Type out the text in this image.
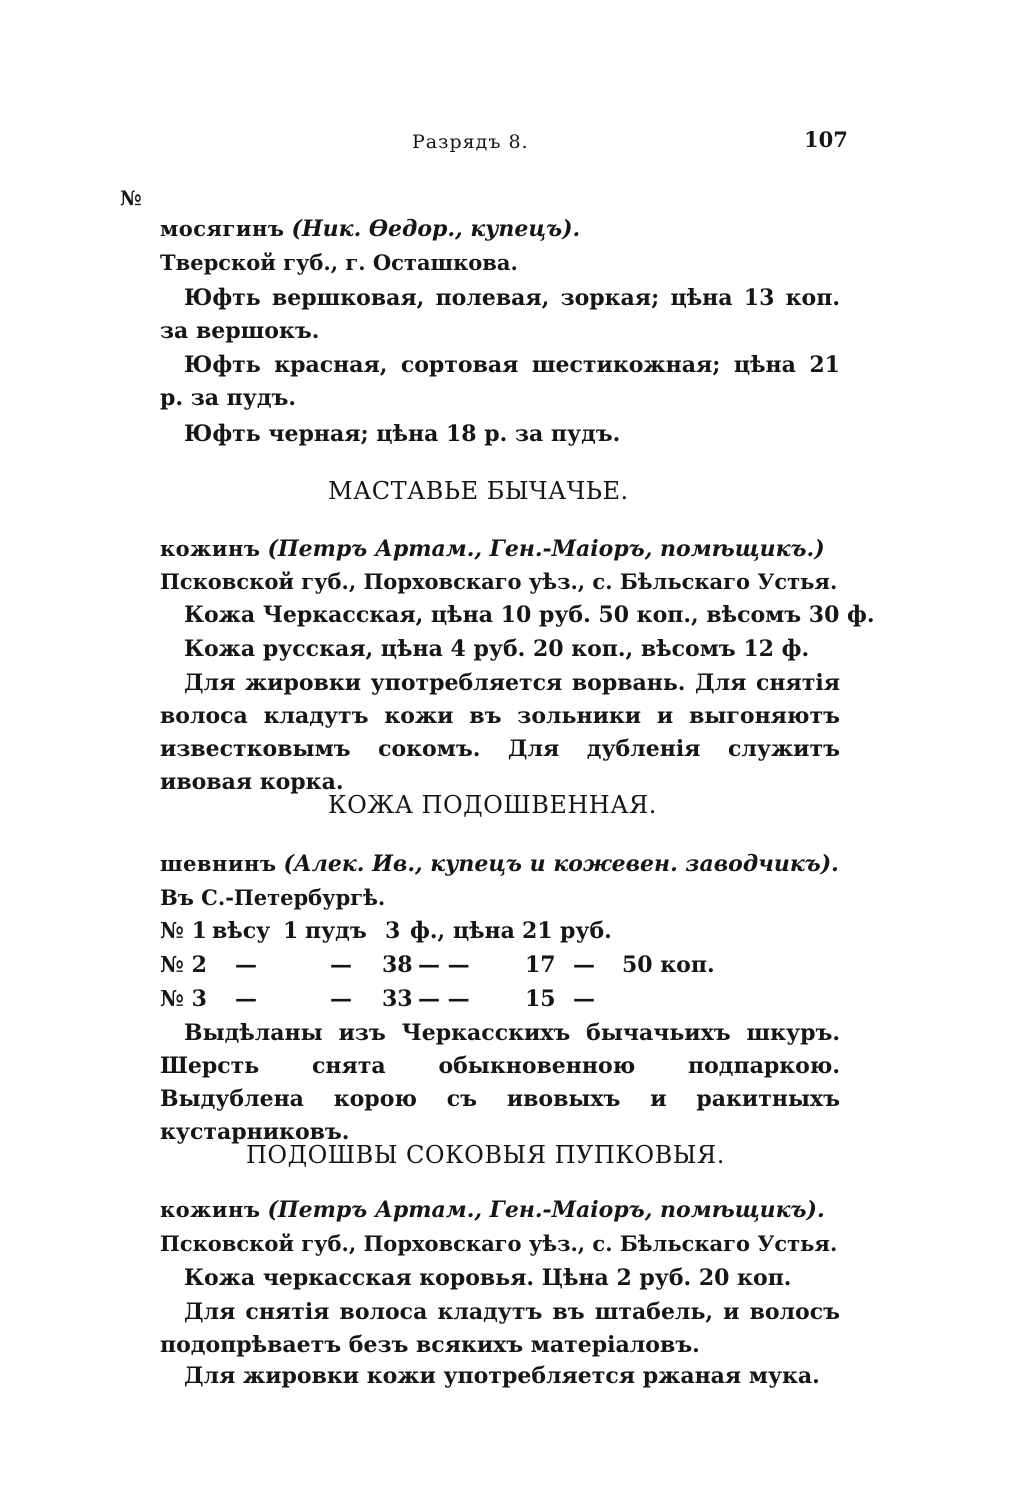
Разрядъ 8.	107
№
мосягинъ (Ник. Ѳедор., купецъ).
Тверской губ., г. Осташкова.
Юфть вершковая, полевая, зоркая; цѣна 13 коп. за вершокъ.
Юфть красная, сортовая шестикожная; цѣна 21 р. за пудъ.
Юфть черная; цѣна 18 р. за пудъ.
МАСТАВЬЕ БЫЧАЧЬЕ.
кожинъ (Петръ Артам., Ген.-Маіоръ, помѣщикъ.)
Псковской губ., Порховскаго уѣз., с. Бѣльскаго Устья.
Кожа Черкасская, цѣна 10 руб. 50 коп., вѣсомъ 30 ф.
Кожа русская, цѣна 4 руб. 20 коп., вѣсомъ 12 ф.
Для жировки употребляется ворвань. Для снятія волоса кладутъ кожи въ зольники и выгоняютъ известковымъ сокомъ. Для дубленія служитъ ивовая корка.
КОЖА ПОДОШВЕННАЯ.
шевнинъ (Алек. Ив., купецъ и кожевен. заводчикъ).
Въ С.-Петербургѣ.
№ 1 вѣсу 1 пудъ 3 ф., цѣна 21 руб.
№ 2 —	— 38 — —	17 — 50 коп.
№ 3 —	— 33 — —	15 —
Выдѣланы изъ Черкасскихъ бычачьихъ шкуръ. Шерсть снята обыкновенною подпаркою. Выдублена корою съ ивовыхъ и ракитныхъ кустарниковъ.
ПОДОШВЫ СОКОВЫЯ ПУПКОВЫЯ.
кожинъ (Петръ Артам., Ген.-Маіоръ, помѣщикъ).
Псковской губ., Порховскаго уѣз., с. Бѣльскаго Устья.
Кожа черкасская коровья. Цѣна 2 руб. 20 коп.
Для снятія волоса кладутъ въ штабель, и волосъ подопрѣваетъ безъ всякихъ матеріаловъ.
Для жировки кожи употребляется ржаная мука.
